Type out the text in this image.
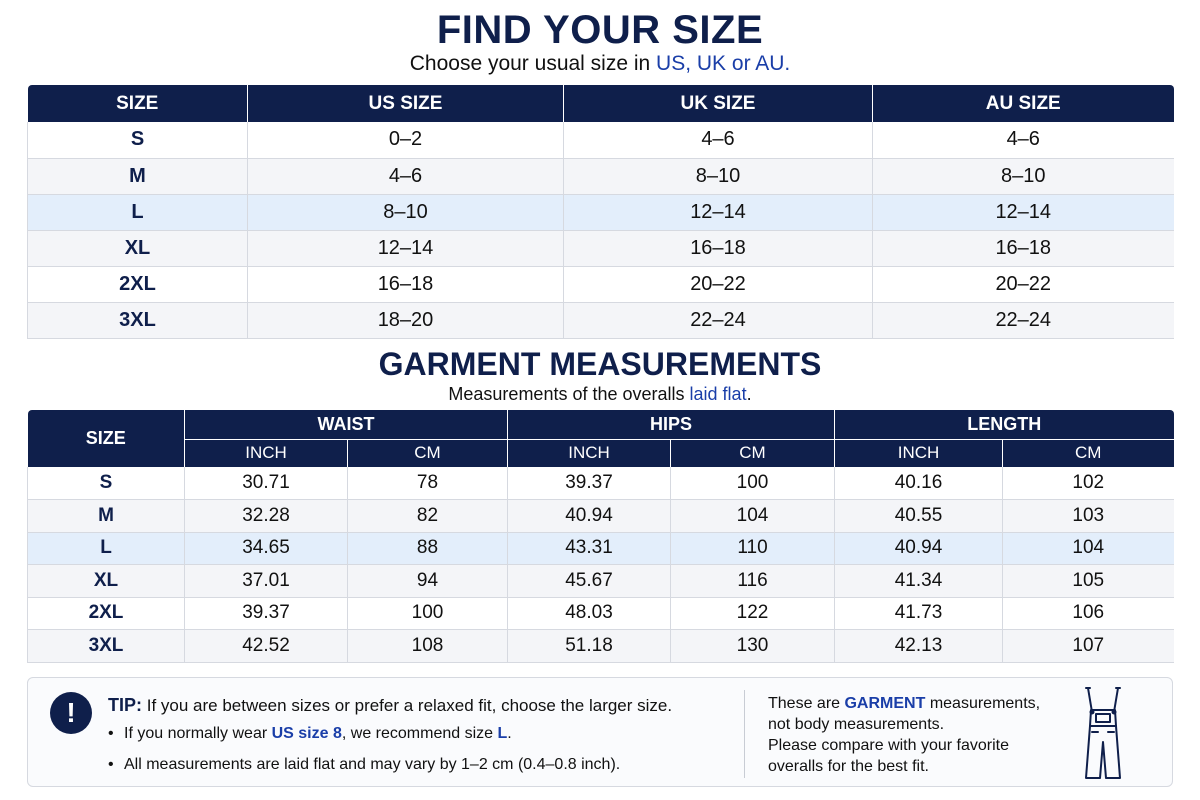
FIND YOUR SIZE
Choose your usual size in US, UK or AU.
SIZE	US SIZE	UK SIZE	AU SIZE
S	0–2	4–6	4–6
M	4–6	8–10	8–10
L	8–10	12–14	12–14
XL	12–14	16–18	16–18
2XL	16–18	20–22	20–22
3XL	18–20	22–24	22–24
GARMENT MEASUREMENTS
Measurements of the overalls laid flat.
SIZE	WAIST		HIPS		LENGTH	
	INCH	CM	INCH	CM	INCH	CM
S	30.71	78	39.37	100	40.16	102
M	32.28	82	40.94	104	40.55	103
L	34.65	88	43.31	110	40.94	104
XL	37.01	94	45.67	116	41.34	105
2XL	39.37	100	48.03	122	41.73	106
3XL	42.52	108	51.18	130	42.13	107
!	TIP: If you are between sizes or prefer a relaxed fit, choose the larger size.
• If you normally wear US size 8, we recommend size L.
• All measurements are laid flat and may vary by 1–2 cm (0.4–0.8 inch).
These are GARMENT measurements,
not body measurements.
Please compare with your favorite
overalls for the best fit.
